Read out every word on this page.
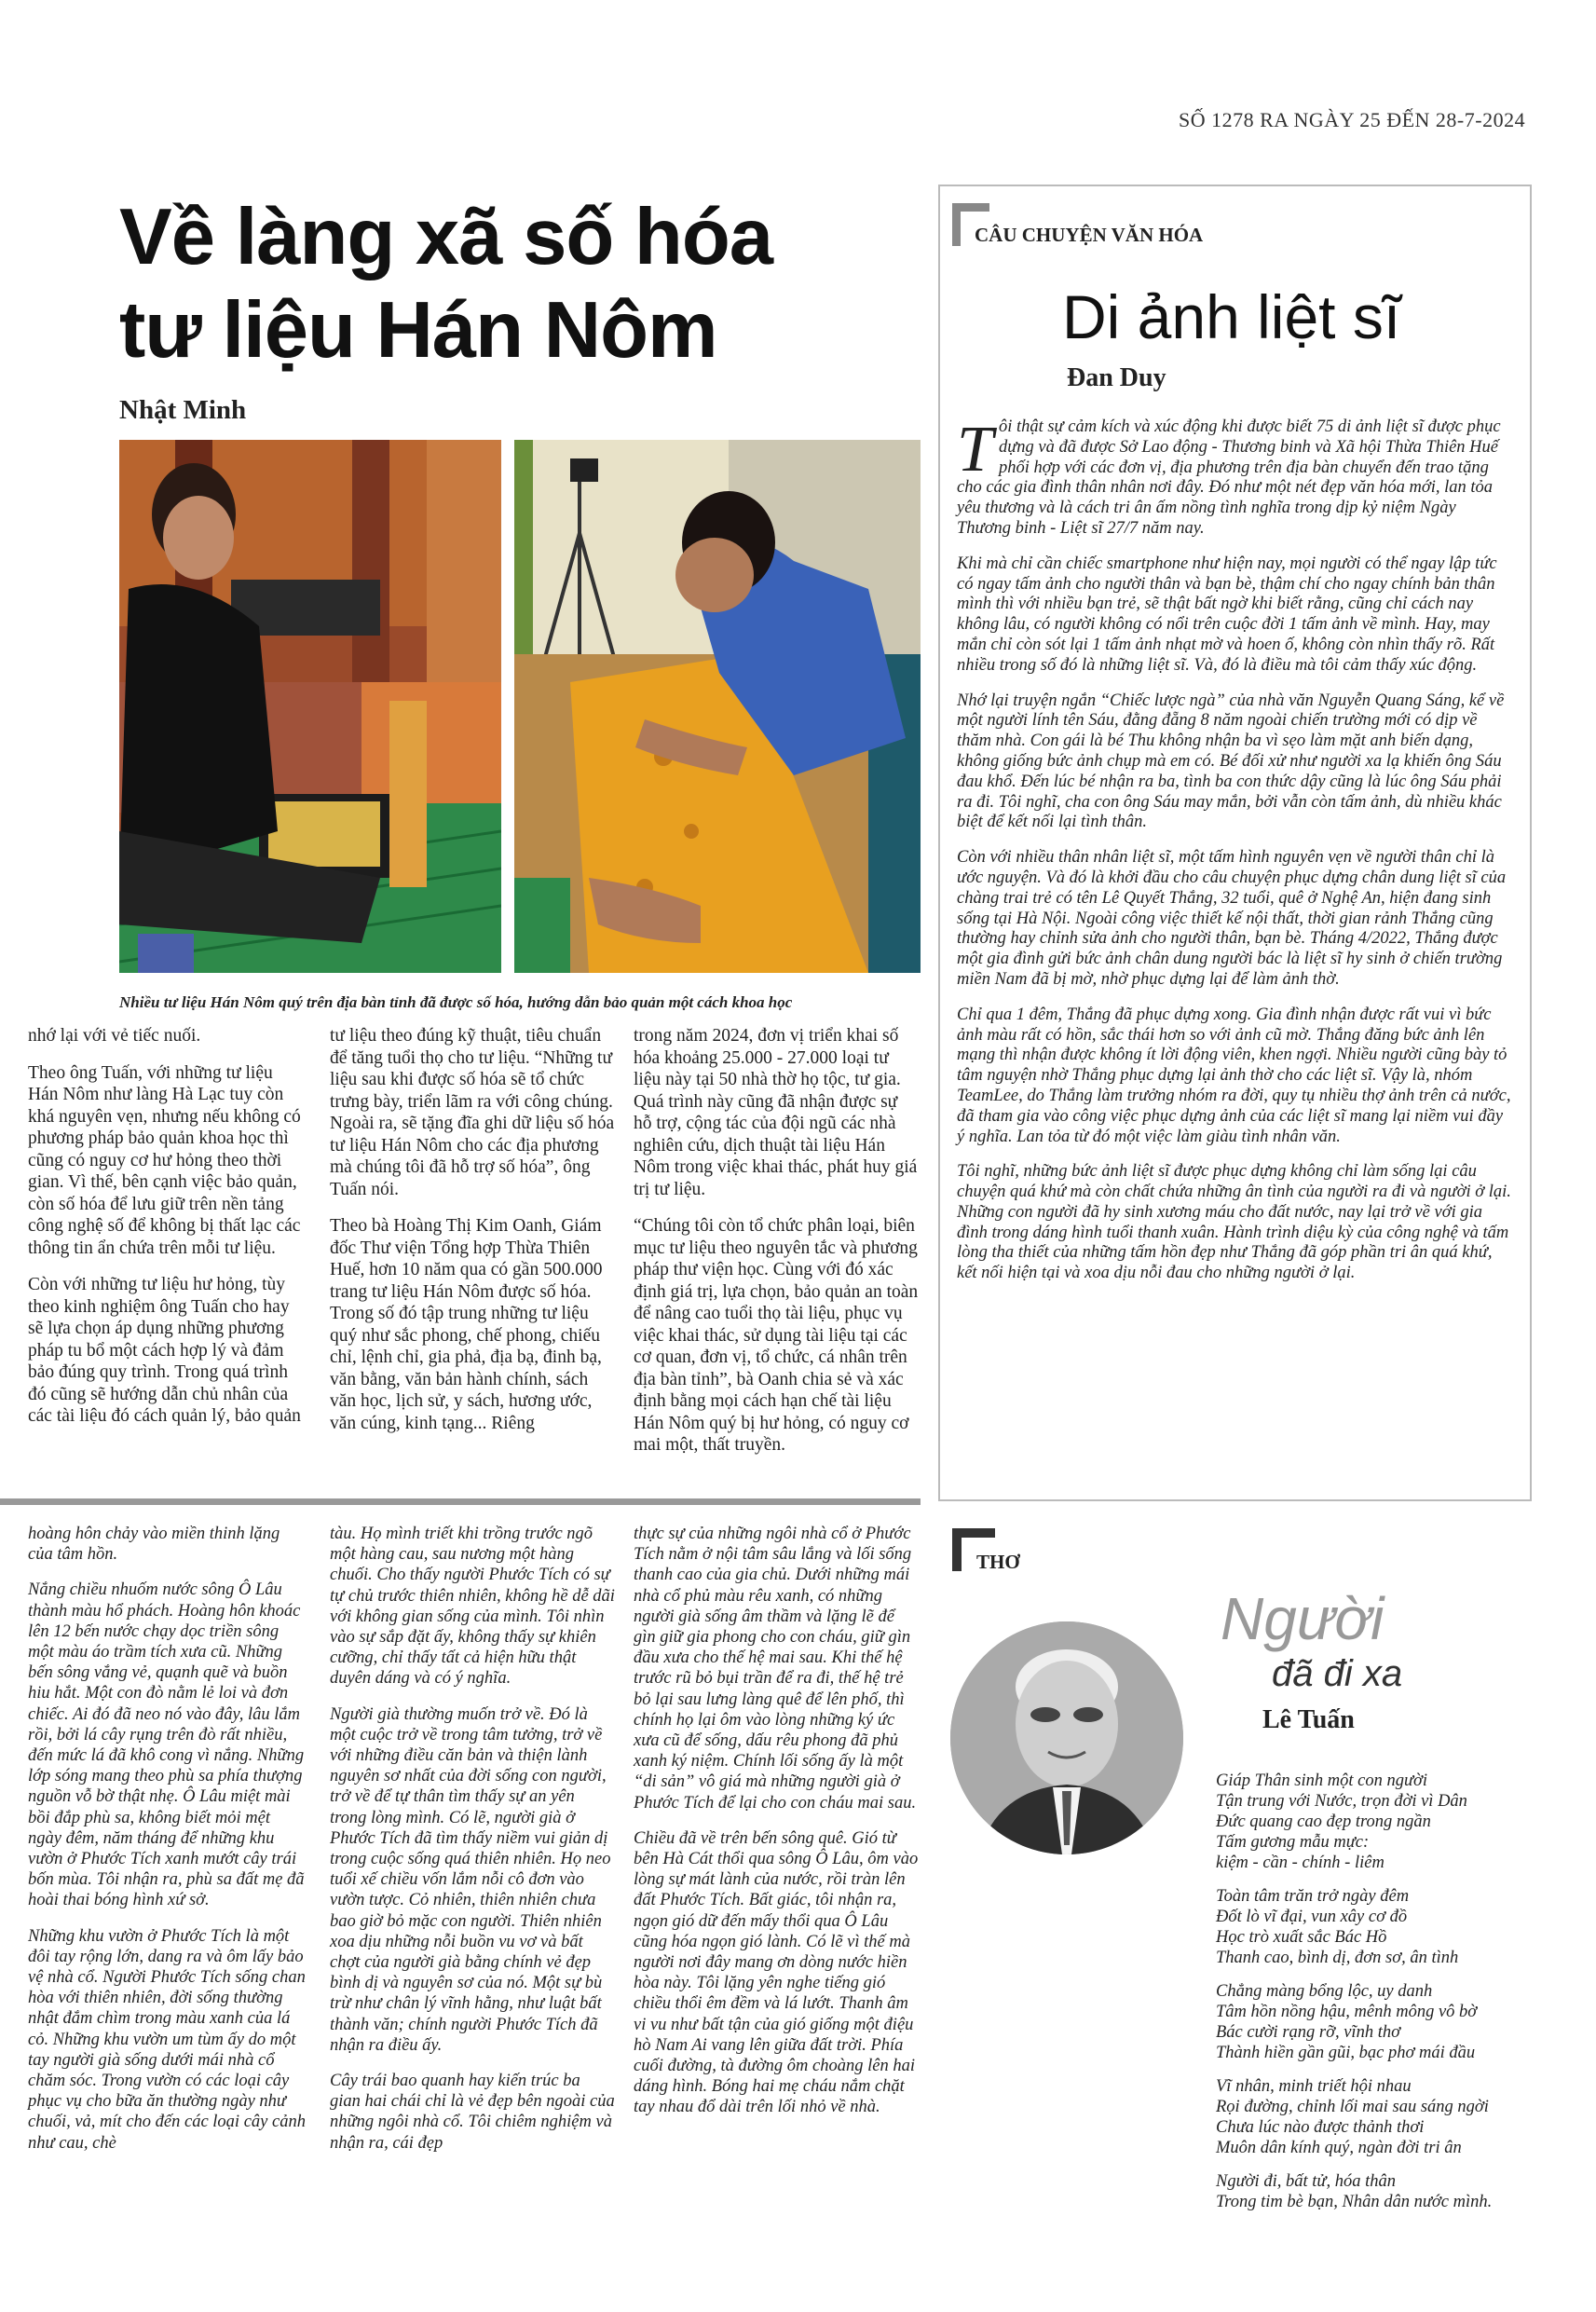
SỐ 1278 RA NGÀY 25 ĐẾN 28-7-2024
Về làng xã số hóa
tư liệu Hán Nôm
Nhật Minh
Nhiều tư liệu Hán Nôm quý trên địa bàn tỉnh đã được số hóa, hướng dẫn bảo quản một cách khoa học

nhớ lại với vẻ tiếc nuối.

Theo ông Tuấn, với những tư liệu Hán Nôm như làng Hà Lạc tuy còn khá nguyên vẹn, nhưng nếu không có phương pháp bảo quản khoa học thì cũng có nguy cơ hư hỏng theo thời gian. Vì thế, bên cạnh việc bảo quản, còn số hóa để lưu giữ trên nền tảng công nghệ số để không bị thất lạc các thông tin ẩn chứa trên mỗi tư liệu.

Còn với những tư liệu hư hỏng, tùy theo kinh nghiệm ông Tuấn cho hay sẽ lựa chọn áp dụng những phương pháp tu bổ một cách hợp lý và đảm bảo đúng quy trình. Trong quá trình đó cũng sẽ hướng dẫn chủ nhân của các tài liệu đó cách quản lý, bảo quản

tư liệu theo đúng kỹ thuật, tiêu chuẩn để tăng tuổi thọ cho tư liệu. “Những tư liệu sau khi được số hóa sẽ tổ chức trưng bày, triển lãm ra với công chúng. Ngoài ra, sẽ tặng đĩa ghi dữ liệu số hóa tư liệu Hán Nôm cho các địa phương mà chúng tôi đã hỗ trợ số hóa”, ông Tuấn nói.

Theo bà Hoàng Thị Kim Oanh, Giám đốc Thư viện Tổng hợp Thừa Thiên Huế, hơn 10 năm qua có gần 500.000 trang tư liệu Hán Nôm được số hóa. Trong số đó tập trung những tư liệu quý như sắc phong, chế phong, chiếu chỉ, lệnh chỉ, gia phả, địa bạ, đinh bạ, văn bằng, văn bản hành chính, sách văn học, lịch sử, y sách, hương ước, văn cúng, kinh tạng... Riêng

trong năm 2024, đơn vị triển khai số hóa khoảng 25.000 - 27.000 loại tư liệu này tại 50 nhà thờ họ tộc, tư gia. Quá trình này cũng đã nhận được sự hỗ trợ, cộng tác của đội ngũ các nhà nghiên cứu, dịch thuật tài liệu Hán Nôm trong việc khai thác, phát huy giá trị tư liệu.

“Chúng tôi còn tổ chức phân loại, biên mục tư liệu theo nguyên tắc và phương pháp thư viện học. Cùng với đó xác định giá trị, lựa chọn, bảo quản an toàn để nâng cao tuổi thọ tài liệu, phục vụ việc khai thác, sử dụng tài liệu tại các cơ quan, đơn vị, tổ chức, cá nhân trên địa bàn tỉnh”, bà Oanh chia sẻ và xác định bằng mọi cách hạn chế tài liệu Hán Nôm quý bị hư hỏng, có nguy cơ mai một, thất truyền.

hoàng hôn chảy vào miền thinh lặng của tâm hồn.

Nắng chiều nhuốm nước sông Ô Lâu thành màu hổ phách. Hoàng hôn khoác lên 12 bến nước chạy dọc triền sông một màu áo trầm tích xưa cũ. Những bến sông vắng vẻ, quạnh quẽ và buồn hiu hắt. Một con đò nằm lẻ loi và đơn chiếc. Ai đó đã neo nó vào đây, lâu lắm rồi, bởi lá cây rụng trên đò rất nhiều, đến mức lá đã khô cong vì nắng. Những lớp sóng mang theo phù sa phía thượng nguồn vỗ bờ thật nhẹ. Ô Lâu miệt mài bồi đắp phù sa, không biết mỏi mệt ngày đêm, năm tháng để những khu vườn ở Phước Tích xanh mướt cây trái bốn mùa. Tôi nhận ra, phù sa đất mẹ đã hoài thai bóng hình xứ sở.

Những khu vườn ở Phước Tích là một đôi tay rộng lớn, dang ra và ôm lấy bảo vệ nhà cổ. Người Phước Tích sống chan hòa với thiên nhiên, đời sống thường nhật đắm chìm trong màu xanh của lá cỏ. Những khu vườn um tùm ấy do một tay người già sống dưới mái nhà cổ chăm sóc. Trong vườn có các loại cây phục vụ cho bữa ăn thường ngày như chuối, vả, mít cho đến các loại cây cảnh như cau, chè

tàu. Họ mình triết khi trồng trước ngõ một hàng cau, sau nương một hàng chuối. Cho thấy người Phước Tích có sự tự chủ trước thiên nhiên, không hề dễ dãi với không gian sống của mình. Tôi nhìn vào sự sắp đặt ấy, không thấy sự khiên cưỡng, chỉ thấy tất cả hiện hữu thật duyên dáng và có ý nghĩa.

Người già thường muốn trở về. Đó là một cuộc trở về trong tâm tưởng, trở về với những điều căn bản và thiện lành nguyên sơ nhất của đời sống con người, trở về để tự thân tìm thấy sự an yên trong lòng mình. Có lẽ, người già ở Phước Tích đã tìm thấy niềm vui giản dị trong cuộc sống quá thiên nhiên. Họ neo tuổi xế chiều vốn lắm nỗi cô đơn vào vườn tược. Cỏ nhiên, thiên nhiên chưa bao giờ bỏ mặc con người. Thiên nhiên xoa dịu những nỗi buồn vu vơ và bất chợt của người già bằng chính vẻ đẹp bình dị và nguyên sơ của nó. Một sự bù trừ như chân lý vĩnh hằng, như luật bất thành văn; chính người Phước Tích đã nhận ra điều ấy.

Cây trái bao quanh hay kiến trúc ba gian hai chái chỉ là vẻ đẹp bên ngoài của những ngôi nhà cổ. Tôi chiêm nghiệm và nhận ra, cái đẹp

thực sự của những ngôi nhà cổ ở Phước Tích nằm ở nội tâm sâu lắng và lối sống thanh cao của gia chủ. Dưới những mái nhà cổ phủ màu rêu xanh, có những người già sống âm thầm và lặng lẽ để gìn giữ gia phong cho con cháu, giữ gìn đầu xưa cho thế hệ mai sau. Khi thế hệ trước rũ bỏ bụi trần để ra đi, thế hệ trẻ bỏ lại sau lưng làng quê để lên phố, thì chính họ lại ôm vào lòng những ký ức xưa cũ để sống, dấu rêu phong đã phủ xanh ký niệm. Chính lối sống ấy là một “di sản” vô giá mà những người già ở Phước Tích để lại cho con cháu mai sau.

Chiều đã về trên bến sông quê. Gió từ bên Hà Cát thổi qua sông Ô Lâu, ôm vào lòng sự mát lành của nước, rồi tràn lên đất Phước Tích. Bất giác, tôi nhận ra, ngọn gió dữ đến mấy thổi qua Ô Lâu cũng hóa ngọn gió lành. Có lẽ vì thế mà người nơi đây mang ơn dòng nước hiền hòa này. Tôi lặng yên nghe tiếng gió chiều thổi êm đềm và lá lướt. Thanh âm vi vu như bất tận của gió giống một điệu hò Nam Ai vang lên giữa đất trời. Phía cuối đường, tà đường ôm choàng lên hai dáng hình. Bóng hai mẹ cháu nắm chặt tay nhau đổ dài trên lối nhỏ về nhà.

CÂU CHUYỆN VĂN HÓA
Di ảnh liệt sĩ
Đan Duy

Tôi thật sự cảm kích và xúc động khi được biết 75 di ảnh liệt sĩ được phục dựng và đã được Sở Lao động - Thương binh và Xã hội Thừa Thiên Huế phối hợp với các đơn vị, địa phương trên địa bàn chuyển đến trao tặng cho các gia đình thân nhân nơi đây. Đó như một nét đẹp văn hóa mới, lan tỏa yêu thương và là cách tri ân ấm nồng tình nghĩa trong dịp kỷ niệm Ngày Thương binh - Liệt sĩ 27/7 năm nay.

Khi mà chỉ cần chiếc smartphone như hiện nay, mọi người có thể ngay lập tức có ngay tấm ảnh cho người thân và bạn bè, thậm chí cho ngay chính bản thân mình thì với nhiều bạn trẻ, sẽ thật bất ngờ khi biết rằng, cũng chỉ cách nay không lâu, có người không có nổi trên cuộc đời 1 tấm ảnh về mình. Hay, may mắn chỉ còn sót lại 1 tấm ảnh nhạt mờ và hoen ố, không còn nhìn thấy rõ. Rất nhiều trong số đó là những liệt sĩ. Và, đó là điều mà tôi cảm thấy xúc động.

Nhớ lại truyện ngắn “Chiếc lược ngà” của nhà văn Nguyễn Quang Sáng, kể về một người lính tên Sáu, đằng đẵng 8 năm ngoài chiến trường mới có dịp về thăm nhà. Con gái là bé Thu không nhận ba vì sẹo làm mặt anh biến dạng, không giống bức ảnh chụp mà em có. Bé đối xử như người xa lạ khiến ông Sáu đau khổ. Đến lúc bé nhận ra ba, tình ba con thức dậy cũng là lúc ông Sáu phải ra đi. Tôi nghĩ, cha con ông Sáu may mắn, bởi vẫn còn tấm ảnh, dù nhiều khác biệt để kết nối lại tình thân.

Còn với nhiều thân nhân liệt sĩ, một tấm hình nguyên vẹn về người thân chỉ là ước nguyện. Và đó là khởi đầu cho câu chuyện phục dựng chân dung liệt sĩ của chàng trai trẻ có tên Lê Quyết Thắng, 32 tuổi, quê ở Nghệ An, hiện đang sinh sống tại Hà Nội. Ngoài công việc thiết kế nội thất, thời gian rảnh Thắng cũng thường hay chỉnh sửa ảnh cho người thân, bạn bè. Tháng 4/2022, Thắng được một gia đình gửi bức ảnh chân dung người bác là liệt sĩ hy sinh ở chiến trường miền Nam đã bị mờ, nhờ phục dựng lại để làm ảnh thờ.

Chỉ qua 1 đêm, Thắng đã phục dựng xong. Gia đình nhận được rất vui vì bức ảnh màu rất có hồn, sắc thái hơn so với ảnh cũ mờ. Thắng đăng bức ảnh lên mạng thì nhận được không ít lời động viên, khen ngợi. Nhiều người cũng bày tỏ tâm nguyện nhờ Thắng phục dựng lại ảnh thờ cho các liệt sĩ. Vậy là, nhóm TeamLee, do Thắng làm trưởng nhóm ra đời, quy tụ nhiều thợ ảnh trên cả nước, đã tham gia vào công việc phục dựng ảnh của các liệt sĩ mang lại niềm vui đầy ý nghĩa. Lan tỏa từ đó một việc làm giàu tình nhân văn.

Tôi nghĩ, những bức ảnh liệt sĩ được phục dựng không chỉ làm sống lại câu chuyện quá khứ mà còn chất chứa những ân tình của người ra đi và người ở lại. Những con người đã hy sinh xương máu cho đất nước, nay lại trở về với gia đình trong dáng hình tuổi thanh xuân. Hành trình diệu kỳ của công nghệ và tấm lòng tha thiết của những tấm hồn đẹp như Thắng đã góp phần tri ân quá khứ, kết nối hiện tại và xoa dịu nỗi đau cho những người ở lại.

THƠ
Người
đã đi xa
Lê Tuấn
Giáp Thân sinh một con người
Tận trung với Nước, trọn đời vì Dân
Đức quang cao đẹp trong ngần
Tấm gương mẫu mực:
kiệm - cần - chính - liêm
Toàn tâm trăn trở ngày đêm
Đốt lò vĩ đại, vun xây cơ đồ
Học trò xuất sắc Bác Hồ
Thanh cao, bình dị, đơn sơ, ân tình
Chẳng màng bổng lộc, uy danh
Tâm hồn nồng hậu, mênh mông vô bờ
Bác cười rạng rỡ, vĩnh thơ
Thành hiền gần gũi, bạc phơ mái đầu
Vĩ nhân, minh triết hội nhau
Rọi đường, chỉnh lối mai sau sáng ngời
Chưa lúc nào được thảnh thơi
Muôn dân kính quý, ngàn đời tri ân
Người đi, bất tử, hóa thân
Trong tim bè bạn, Nhân dân nước mình.
